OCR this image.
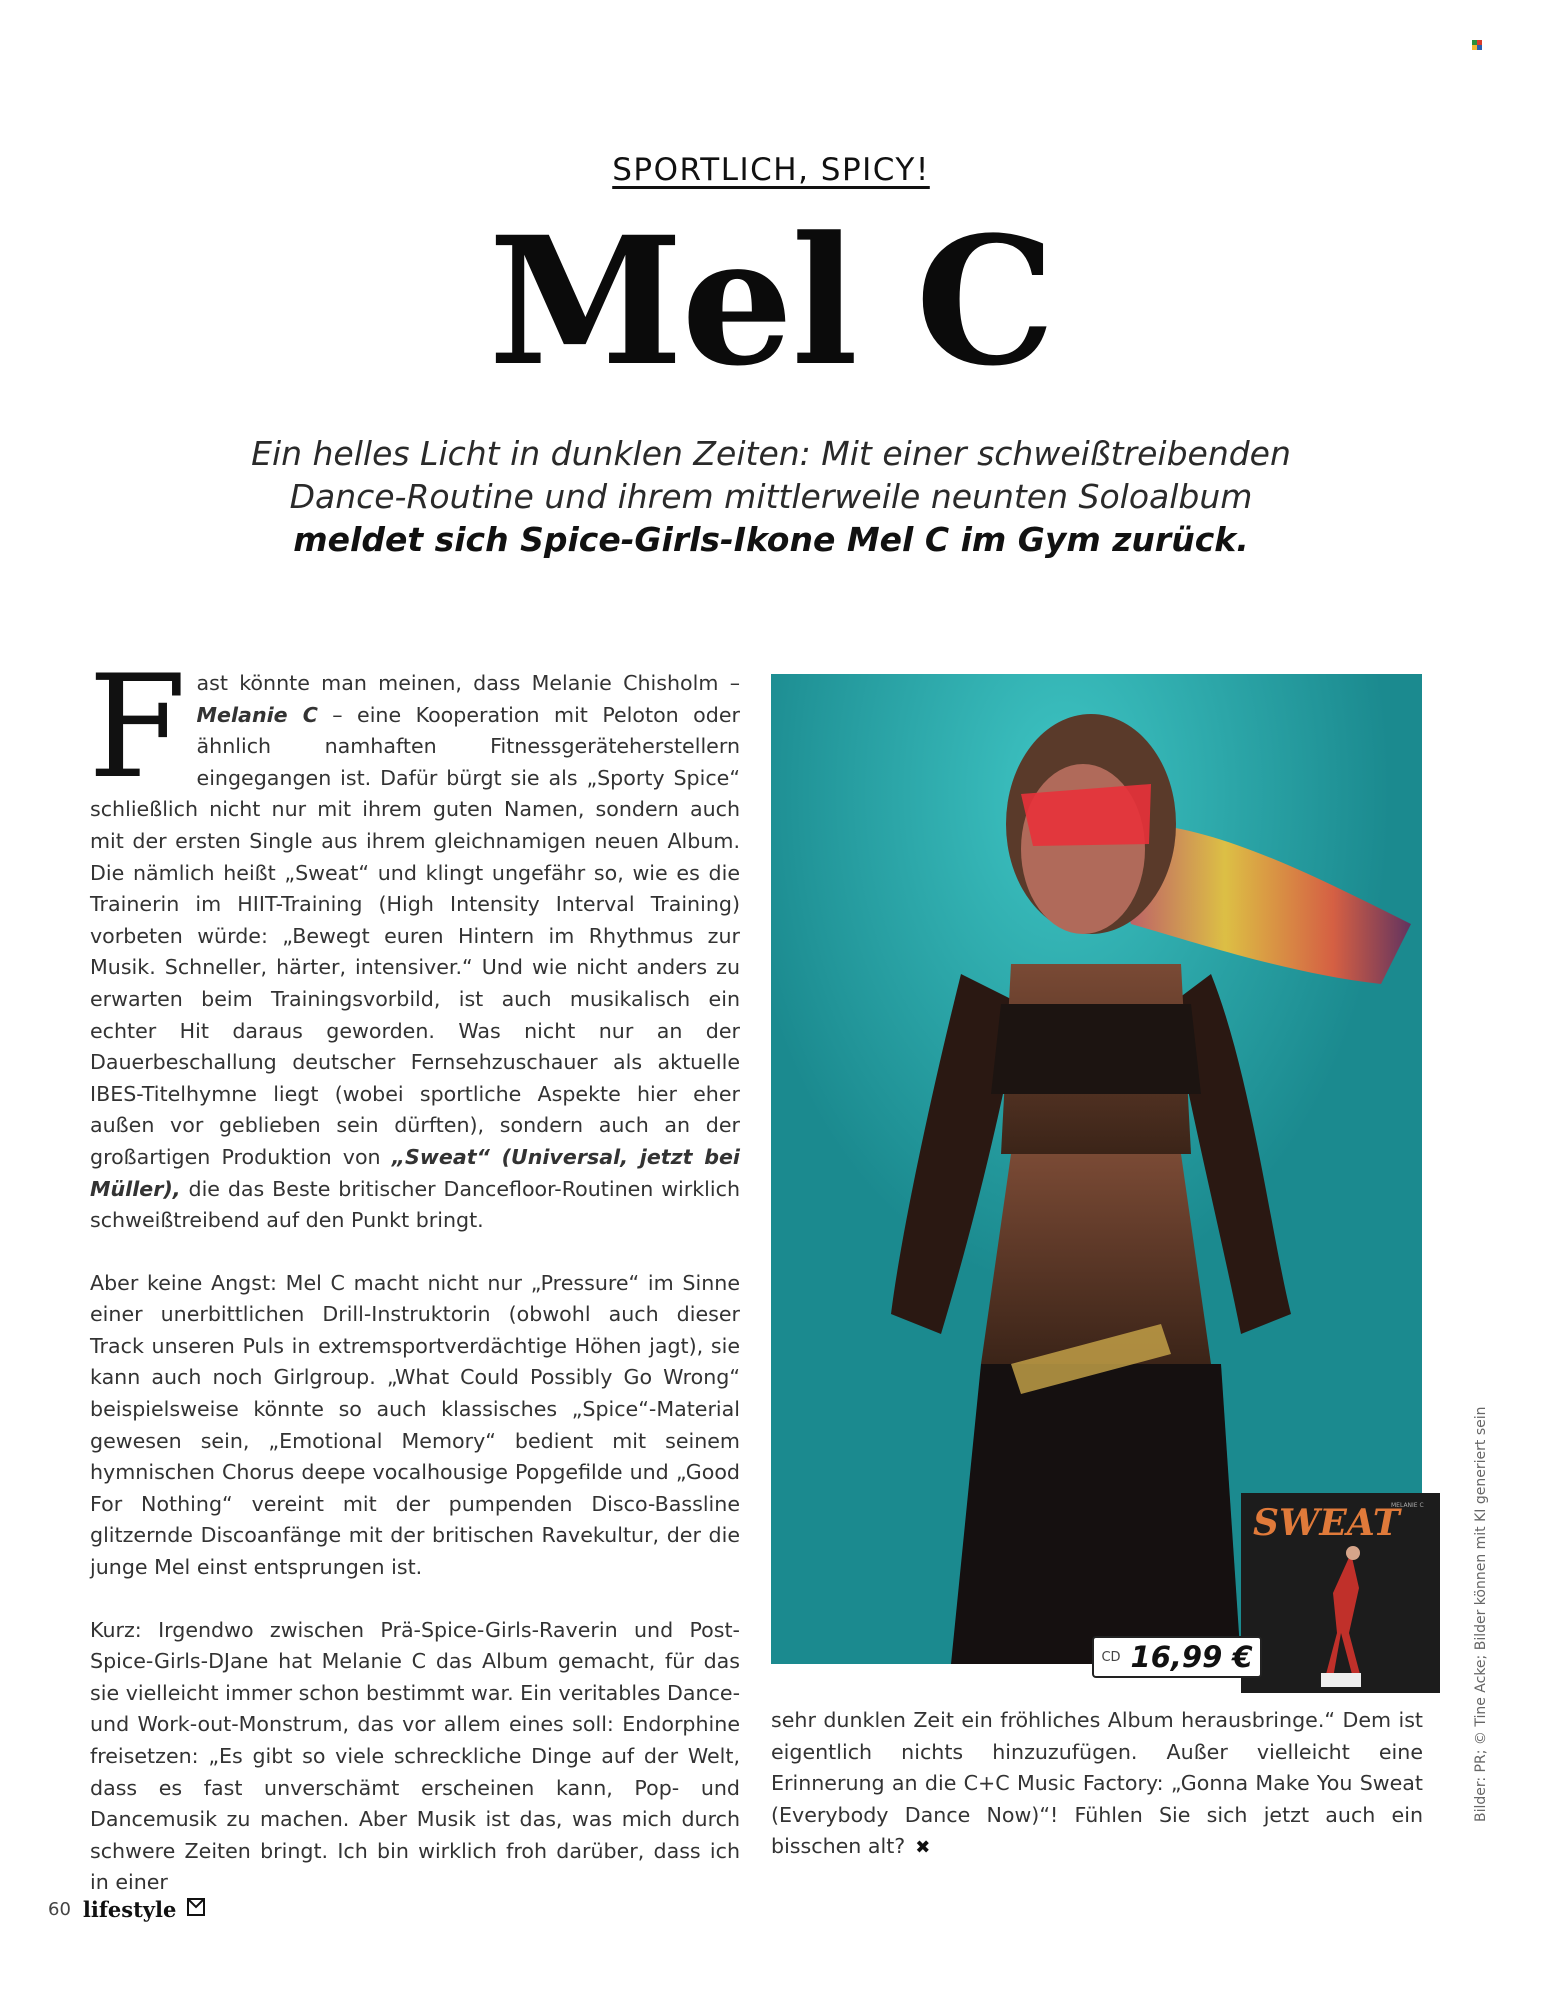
SPORTLICH, SPICY!
Mel C
Ein helles Licht in dunklen Zeiten: Mit einer schweißtreibenden
Dance-Routine und ihrem mittlerweile neunten Soloalbum
meldet sich Spice-Girls-Ikone Mel C im Gym zurück.

Fast könnte man meinen, dass Melanie Chisholm – Melanie C – eine Kooperation mit Peloton oder ähnlich namhaften Fitnessgeräteherstellern eingegangen ist. Dafür bürgt sie als „Sporty Spice“ schließlich nicht nur mit ihrem guten Namen, sondern auch mit der ersten Single aus ihrem gleichnamigen neuen Album. Die nämlich heißt „Sweat“ und klingt ungefähr so, wie es die Trainerin im HIIT-Training (High Intensity Interval Training) vorbeten würde: „Bewegt euren Hintern im Rhythmus zur Musik. Schneller, härter, intensiver.“ Und wie nicht anders zu erwarten beim Trainingsvorbild, ist auch musikalisch ein echter Hit daraus geworden. Was nicht nur an der Dauerbeschallung deutscher Fernsehzuschauer als aktuelle IBES-Titelhymne liegt (wobei sportliche Aspekte hier eher außen vor geblieben sein dürften), sondern auch an der großartigen Produktion von „Sweat“ (Universal, jetzt bei Müller), die das Beste britischer Dancefloor-Routinen wirklich schweißtreibend auf den Punkt bringt.

Aber keine Angst: Mel C macht nicht nur „Pressure“ im Sinne einer unerbittlichen Drill-Instruktorin (obwohl auch dieser Track unseren Puls in extremsportverdächtige Höhen jagt), sie kann auch noch Girlgroup. „What Could Possibly Go Wrong“ beispielsweise könnte so auch klassisches „Spice“-Material gewesen sein, „Emotional Memory“ bedient mit seinem hymnischen Chorus deepe vocalhousige Popgefilde und „Good For Nothing“ vereint mit der pumpenden Disco-Bassline glitzernde Discoanfänge mit der britischen Ravekultur, der die junge Mel einst entsprungen ist.

Kurz: Irgendwo zwischen Prä-Spice-Girls-Raverin und Post-Spice-Girls-DJane hat Melanie C das Album gemacht, für das sie vielleicht immer schon bestimmt war. Ein veritables Dance- und Work-out-Monstrum, das vor allem eines soll: Endorphine freisetzen: „Es gibt so viele schreckliche Dinge auf der Welt, dass es fast unverschämt erscheinen kann, Pop- und Dancemusik zu machen. Aber Musik ist das, was mich durch schwere Zeiten bringt. Ich bin wirklich froh darüber, dass ich in einer

SWEAT
MELANIE C
CD 16,99 €

sehr dunklen Zeit ein fröhliches Album herausbringe.“ Dem ist eigentlich nichts hinzuzufügen. Außer vielleicht eine Erinnerung an die C+C Music Factory: „Gonna Make You Sweat (Everybody Dance Now)“! Fühlen Sie sich jetzt auch ein bisschen alt? ✖

Bilder: PR; © Tine Acke; Bilder können mit KI generiert sein
60 lifestyle
